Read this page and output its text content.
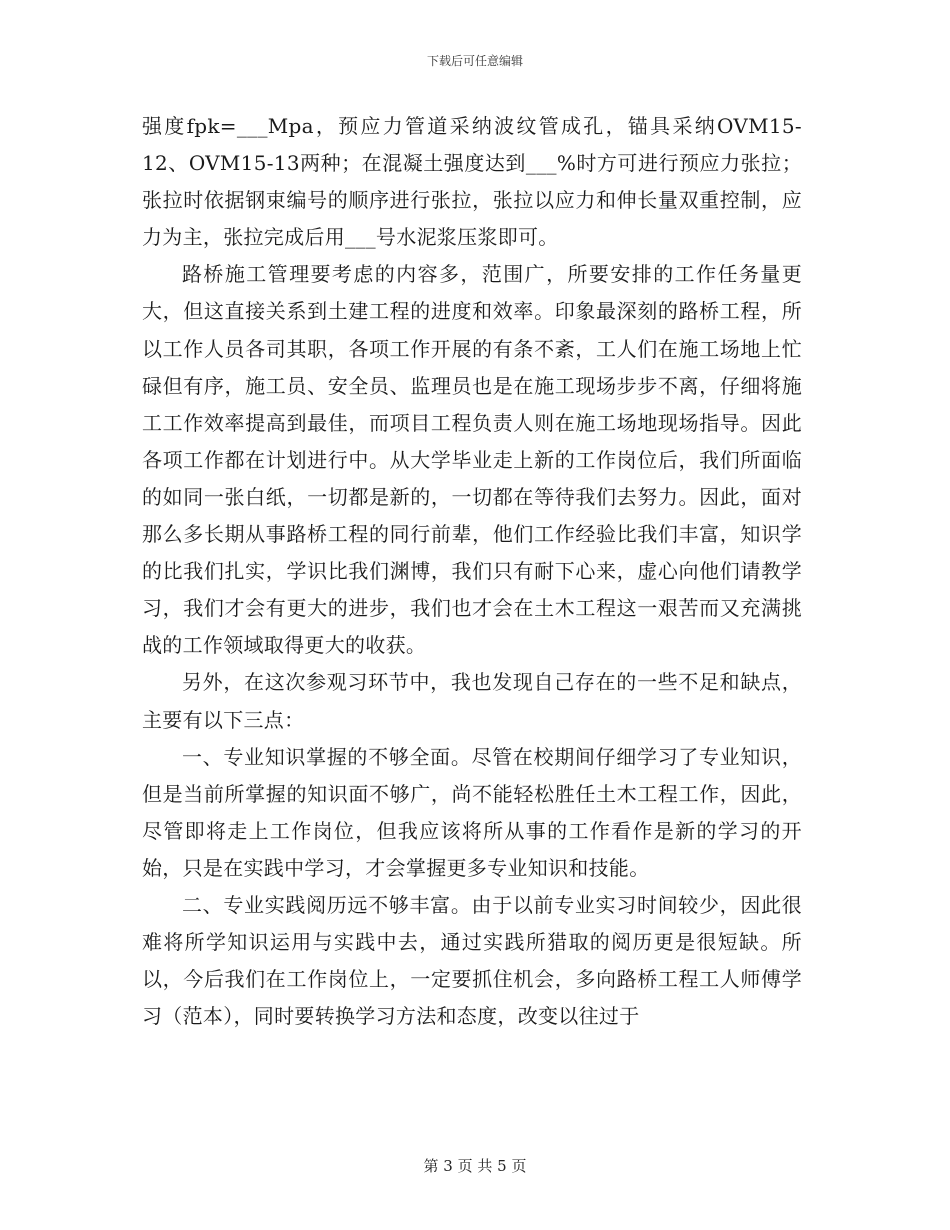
下载后可任意编辑

强度fpk=___Mpa，预应力管道采纳波纹管成孔，锚具采纳OVM15-12、OVM15-13两种；在混凝土强度达到___%时方可进行预应力张拉；张拉时依据钢束编号的顺序进行张拉，张拉以应力和伸长量双重控制，应力为主，张拉完成后用___号水泥浆压浆即可。

路桥施工管理要考虑的内容多，范围广，所要安排的工作任务量更大，但这直接关系到土建工程的进度和效率。印象最深刻的路桥工程，所以工作人员各司其职，各项工作开展的有条不紊，工人们在施工场地上忙碌但有序，施工员、安全员、监理员也是在施工现场步步不离，仔细将施工工作效率提高到最佳，而项目工程负责人则在施工场地现场指导。因此各项工作都在计划进行中。从大学毕业走上新的工作岗位后，我们所面临的如同一张白纸，一切都是新的，一切都在等待我们去努力。因此，面对那么多长期从事路桥工程的同行前辈，他们工作经验比我们丰富，知识学的比我们扎实，学识比我们渊博，我们只有耐下心来，虚心向他们请教学习，我们才会有更大的进步，我们也才会在土木工程这一艰苦而又充满挑战的工作领域取得更大的收获。

另外，在这次参观习环节中，我也发现自己存在的一些不足和缺点，主要有以下三点：

一、专业知识掌握的不够全面。尽管在校期间仔细学习了专业知识，但是当前所掌握的知识面不够广，尚不能轻松胜任土木工程工作，因此，尽管即将走上工作岗位，但我应该将所从事的工作看作是新的学习的开始，只是在实践中学习，才会掌握更多专业知识和技能。

二、专业实践阅历远不够丰富。由于以前专业实习时间较少，因此很难将所学知识运用与实践中去，通过实践所猎取的阅历更是很短缺。所以，今后我们在工作岗位上，一定要抓住机会，多向路桥工程工人师傅学习（范本），同时要转换学习方法和态度，改变以往过于

第 3 页 共 5 页
